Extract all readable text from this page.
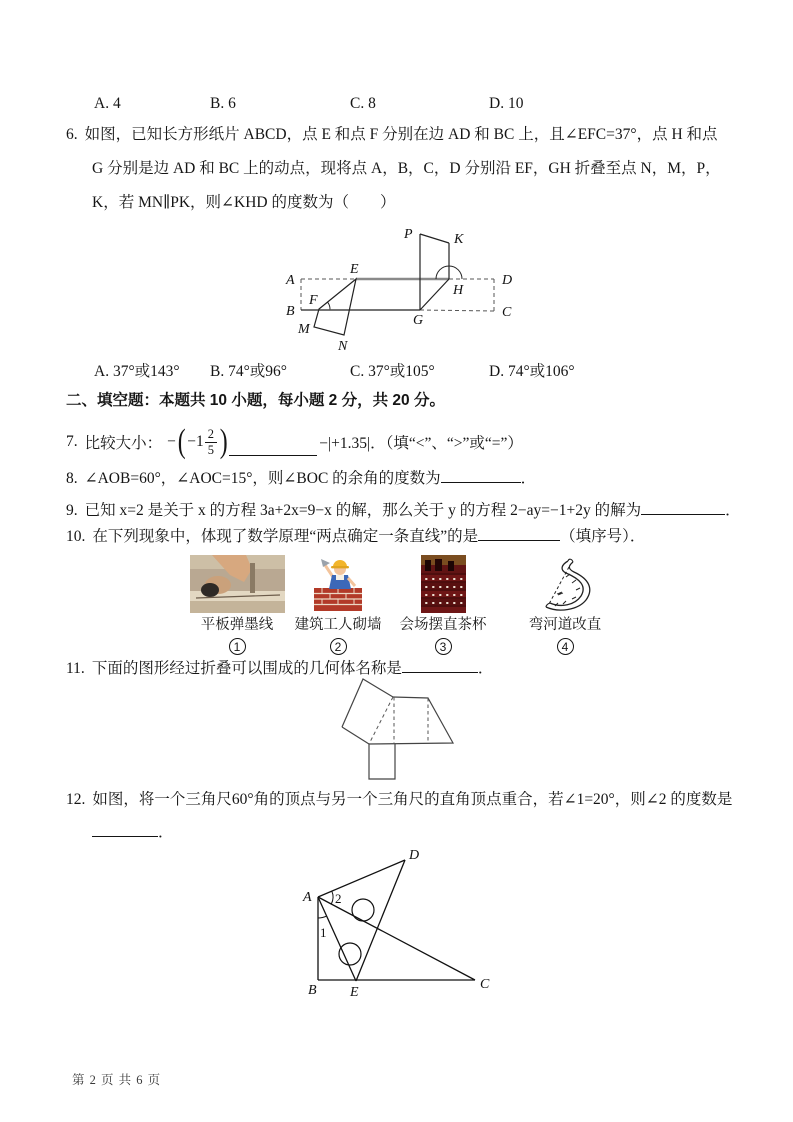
A. 4	B. 6	C. 8	D. 10
6. 如图，已知长方形纸片 ABCD，点 E 和点 F 分别在边 AD 和 BC 上，且∠EFC=37°，点 H 和点 G 分别是边 AD 和 BC 上的动点，现将点 A，B，C，D 分别沿 EF，GH 折叠至点 N，M，P，K，若 MN∥PK，则∠KHD 的度数为（　　）
A
B	C
D
E
F
G
H
M
N
P	K
A. 37°或143° B. 74°或96°	C. 37°或105°	D. 74°或106°
二、填空题：本题共 10 小题，每小题 2 分，共 20 分。
7. 比较大小： − ( $-1 \frac{2}{5}$ )	−|+1.35|．（填“<”、“>”或“=”）
8. ∠AOB=60°，∠AOC=15°，则∠BOC 的余角的度数为	．
9. 已知 x=2 是关于 x 的方程 3a+2x=9−x 的解，那么关于 y 的方程 2−ay=−1+2y 的解为	．
10. 在下列现象中，体现了数学原理“两点确定一条直线”的是	（填序号）．
平板弹墨线
1
建筑工人砌墙
2
会场摆直茶杯
3
弯河道改直
4
11. 下面的图形经过折叠可以围成的几何体名称是	．
12. 如图，将一个三角尺60°角的顶点与另一个三角尺的直角顶点重合，若∠1=20°，则∠2 的度数是
．
D
A
B E
C
2
1
第 2 页 共 6 页
